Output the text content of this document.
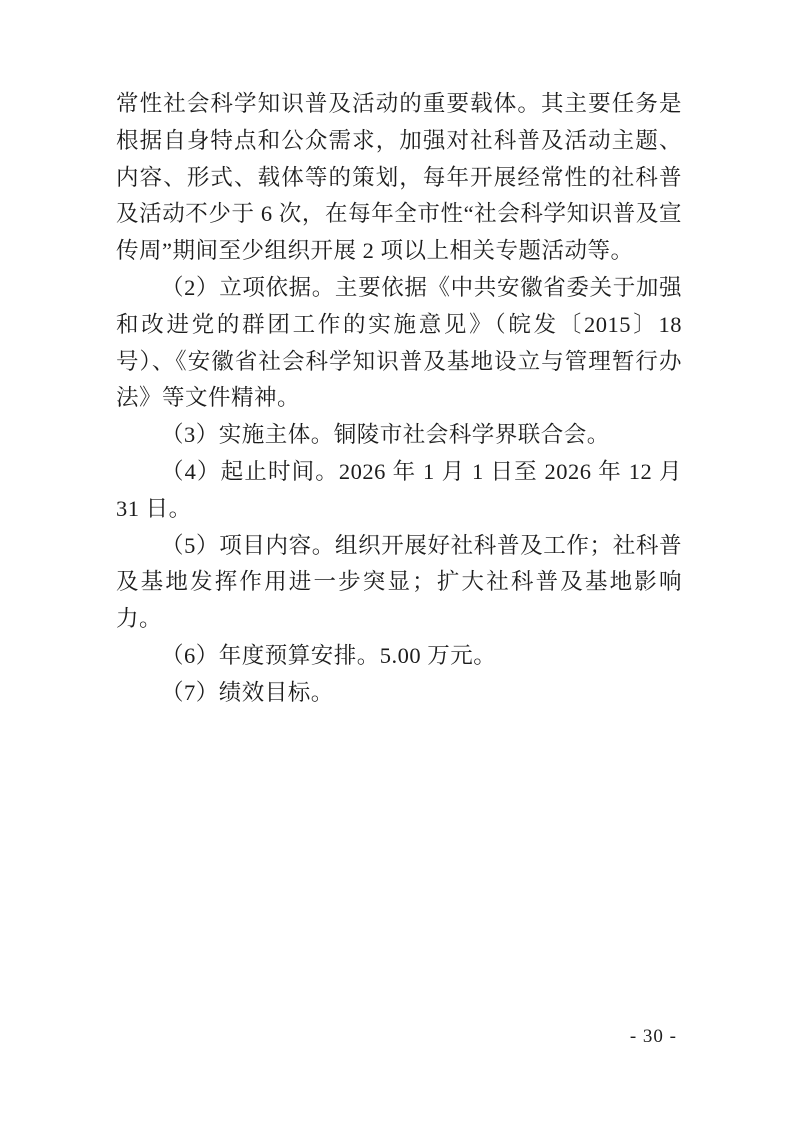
常性社会科学知识普及活动的重要载体。其主要任务是根据自身特点和公众需求，加强对社科普及活动主题、内容、形式、载体等的策划，每年开展经常性的社科普及活动不少于 6 次，在每年全市性“社会科学知识普及宣传周”期间至少组织开展 2 项以上相关专题活动等。

（2）立项依据。主要依据《中共安徽省委关于加强和改进党的群团工作的实施意见》（皖发〔2015〕18 号）、《安徽省社会科学知识普及基地设立与管理暂行办法》等文件精神。

（3）实施主体。铜陵市社会科学界联合会。

（4）起止时间。2026 年 1 月 1 日至 2026 年 12 月 31 日。

（5）项目内容。组织开展好社科普及工作；社科普及基地发挥作用进一步突显；扩大社科普及基地影响力。

（6）年度预算安排。5.00 万元。

（7）绩效目标。

- 30 -
